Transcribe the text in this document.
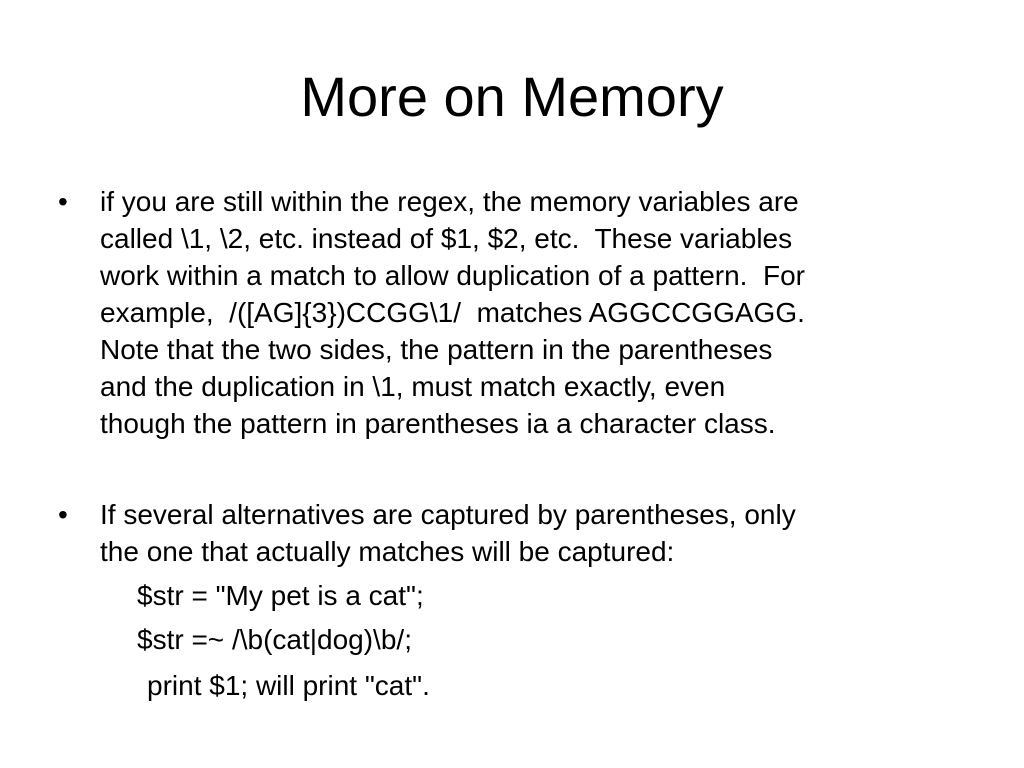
More on Memory
•	if you are still within the regex, the memory variables are
called \1, \2, etc. instead of $1, $2, etc.  These variables
work within a match to allow duplication of a pattern.  For
example,  /([AG]{3})CCGG\1/  matches AGGCCGGAGG.
Note that the two sides, the pattern in the parentheses
and the duplication in \1, must match exactly, even
though the pattern in parentheses ia a character class.
•	If several alternatives are captured by parentheses, only
the one that actually matches will be captured:
$str = "My pet is a cat";
$str =~ /\b(cat|dog)\b/;
print $1; will print "cat".
